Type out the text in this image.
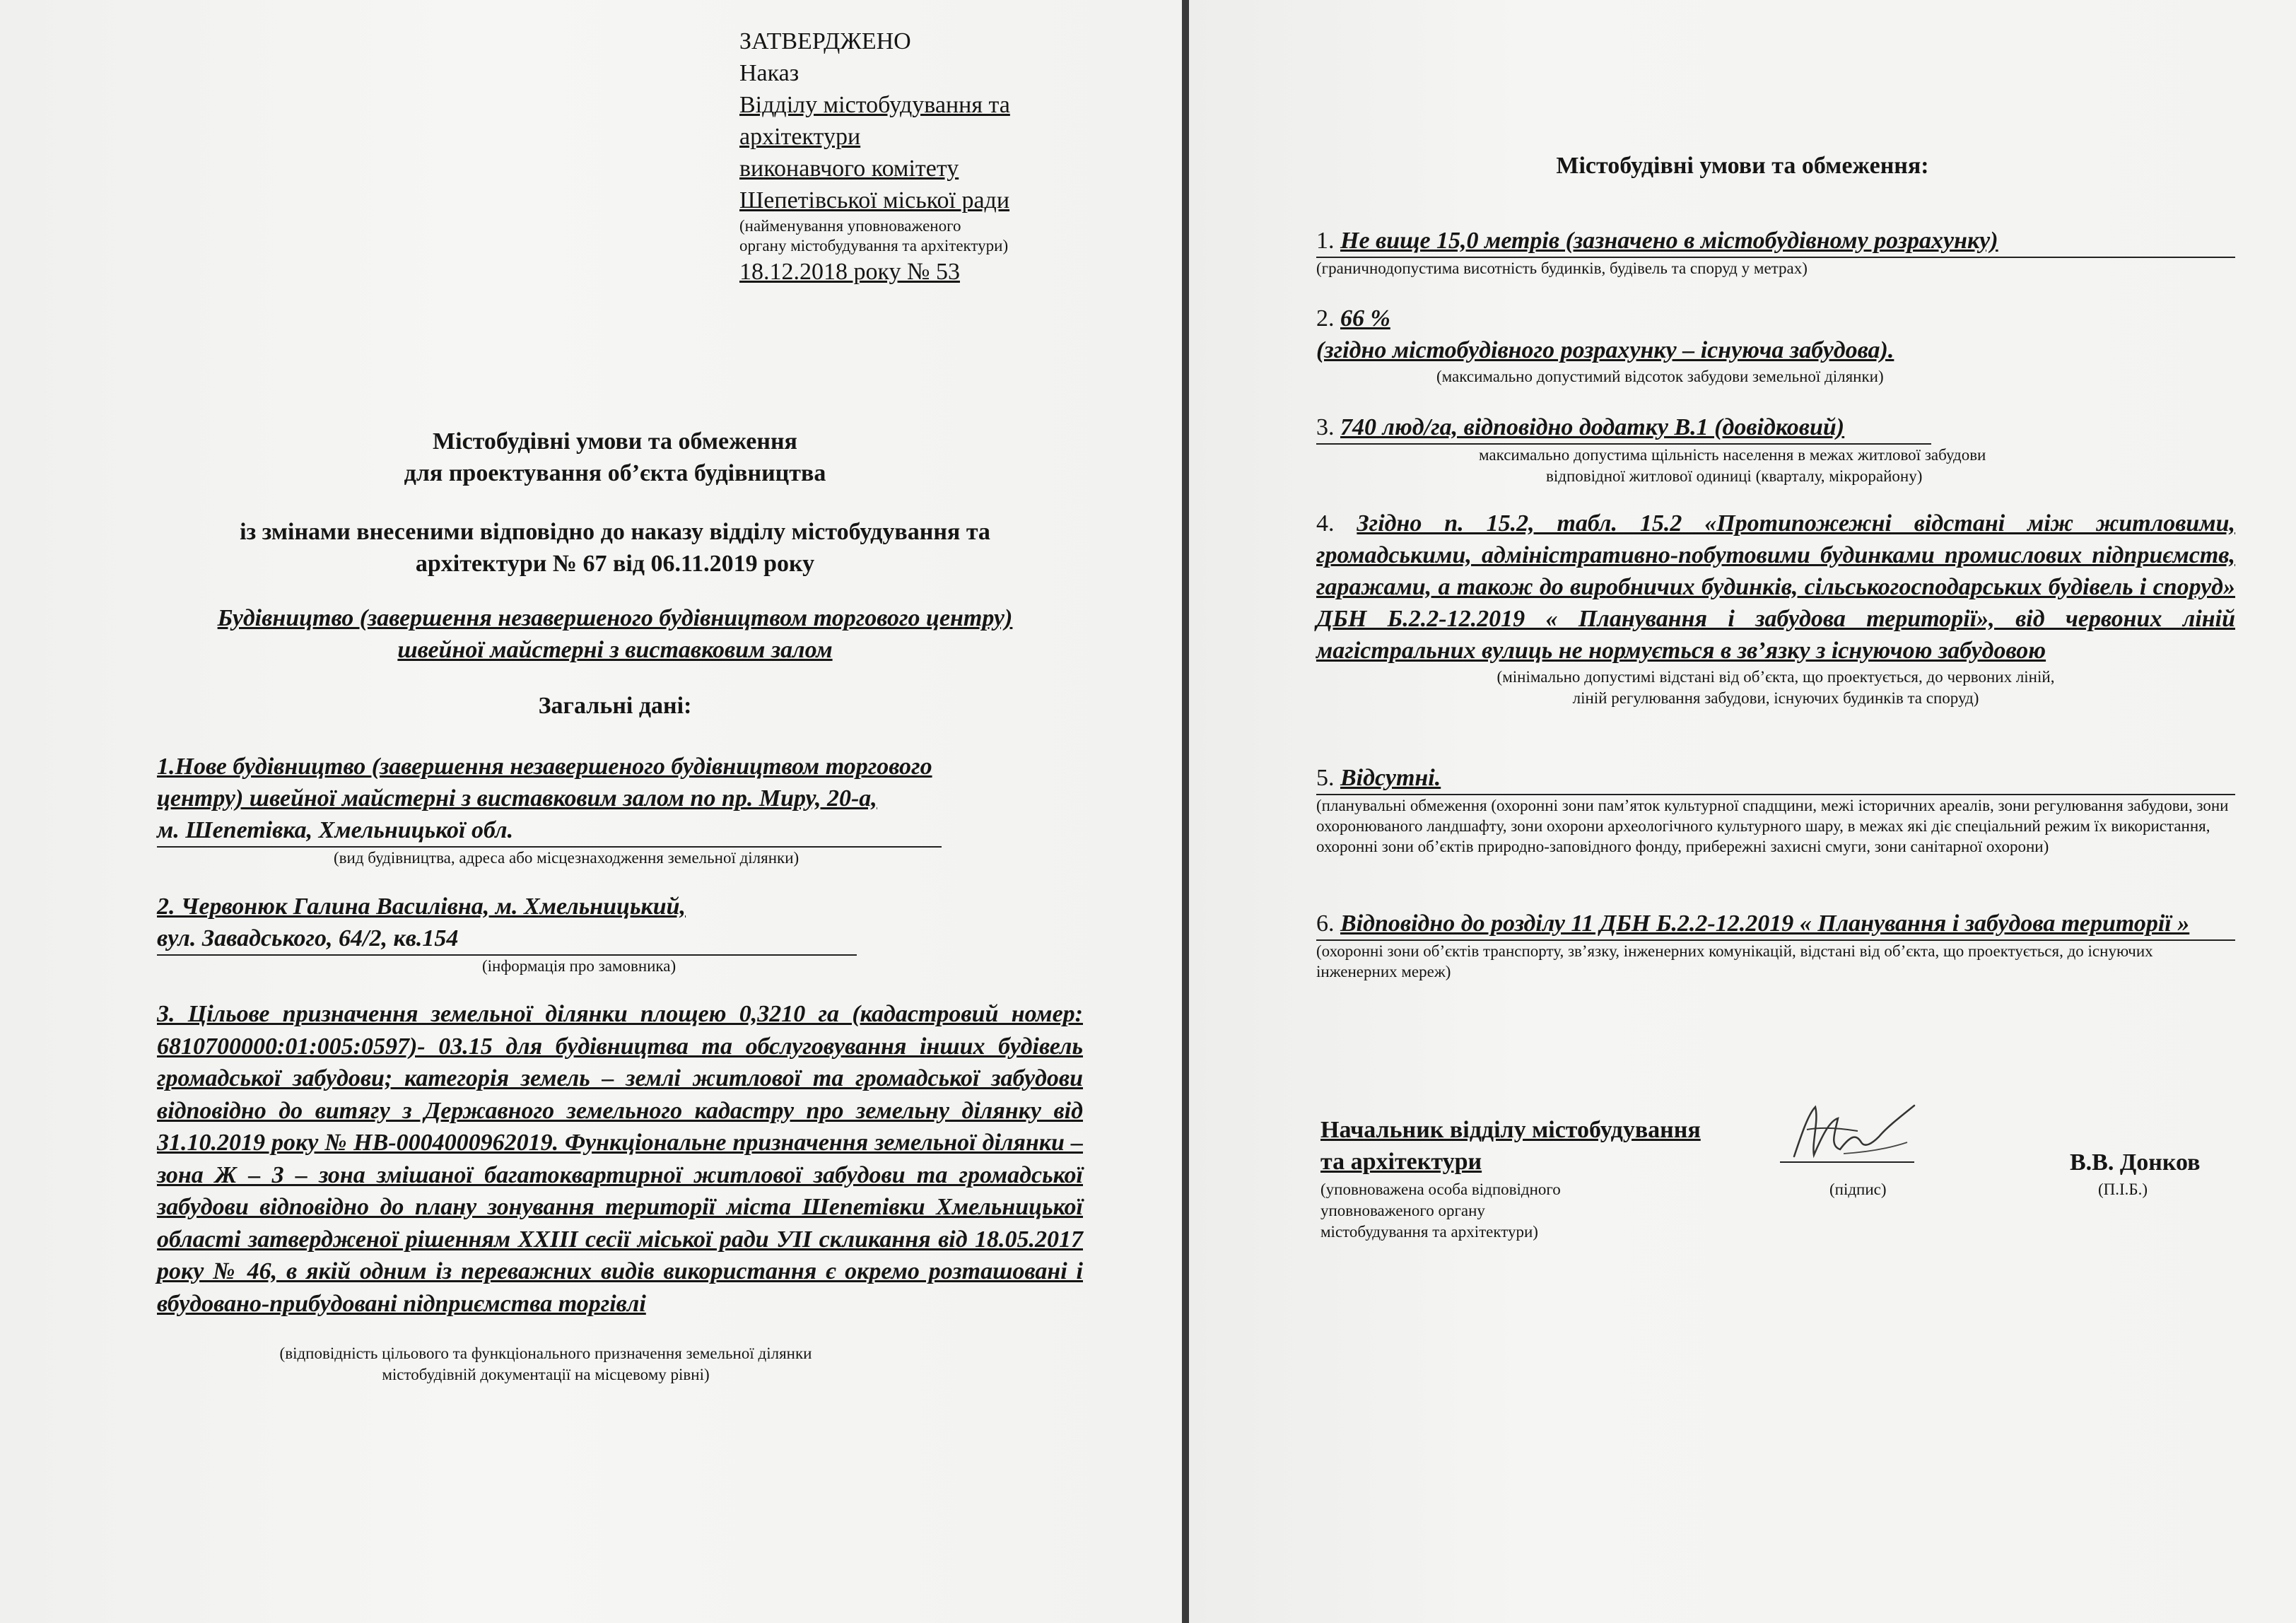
ЗАТВЕРДЖЕНО
Наказ
Відділу містобудування та
архітектури
виконавчого комітету
Шепетівської міської ради
(найменування уповноваженого
органу містобудування та архітектури)
18.12.2018 року № 53
Містобудівні умови та обмеження
для проектування об’єкта будівництва
із змінами внесеними відповідно до наказу відділу містобудування та
архітектури № 67 від 06.11.2019 року
Будівництво (завершення незавершеного будівництвом торгового центру)
швейної майстерні з виставковим залом
Загальні дані:
1.Нове будівництво (завершення незавершеного будівництвом торгового
центру) швейної майстерні з виставковим залом по пр. Миру, 20-а,
м. Шепетівка, Хмельницької обл.
(вид будівництва, адреса або місцезнаходження земельної ділянки)
2. Червонюк Галина Василівна, м. Хмельницький,
вул. Завадського, 64/2, кв.154
(інформація про замовника)
3. Цільове призначення земельної ділянки площею 0,3210 га (кадастровий номер: 6810700000:01:005:0597)- 03.15 для будівництва та обслуговування інших будівель громадської забудови; категорія земель – землі житлової та громадської забудови відповідно до витягу з Державного земельного кадастру про земельну ділянку від 31.10.2019 року № НВ-0004000962019. Функціональне призначення земельної ділянки – зона Ж – 3 – зона змішаної багатоквартирної житлової забудови та громадської забудови відповідно до плану зонування території міста Шепетівки Хмельницької області затвердженої рішенням ХХIII сесії міської ради УІІ скликання від 18.05.2017 року № 46, в якій одним із переважних видів використання є окремо розташовані і вбудовано-прибудовані підприємства торгівлі
(відповідність цільового та функціонального призначення земельної ділянки
містобудівній документації на місцевому рівні)
Містобудівні умови та обмеження:
1. Не вище 15,0 метрів (зазначено в містобудівному розрахунку)
(граничнодопустима висотність будинків, будівель та споруд у метрах)
2. 66 %
(згідно містобудівного розрахунку – існуюча забудова).
(максимально допустимий відсоток забудови земельної ділянки)
3. 740 люд/га, відповідно додатку В.1 (довідковий)
максимально допустима щільність населення в межах житлової забудови
відповідної житлової одиниці (кварталу, мікрорайону)
4. Згідно п. 15.2, табл. 15.2 «Протипожежні відстані між житловими, громадськими, адміністративно-побутовими будинками промислових підприємств, гаражами, а також до виробничих будинків, сільськогосподарських будівель і споруд» ДБН Б.2.2-12.2019 « Планування і забудова території», від червоних ліній магістральних вулиць не нормується в зв’язку з існуючою забудовою
(мінімально допустимі відстані від об’єкта, що проектується, до червоних ліній,
ліній регулювання забудови, існуючих будинків та споруд)
5. Відсутні.
(планувальні обмеження (охоронні зони пам’яток культурної спадщини, межі історичних ареалів, зони регулювання забудови, зони охоронюваного ландшафту, зони охорони археологічного культурного шару, в межах які діє спеціальний режим їх використання, охоронні зони об’єктів природно-заповідного фонду, прибережні захисні смуги, зони санітарної охорони)
6. Відповідно до розділу 11 ДБН Б.2.2-12.2019 « Планування і забудова території »
(охоронні зони об’єктів транспорту, зв’язку, інженерних комунікацій, відстані від об’єкта, що проектується, до існуючих інженерних мереж)
Начальник відділу містобудування
та архітектури
(уповноважена особа відповідного
уповноваженого органу
містобудування та архітектури)
(підпис)
В.В. Донков
(П.І.Б.)
